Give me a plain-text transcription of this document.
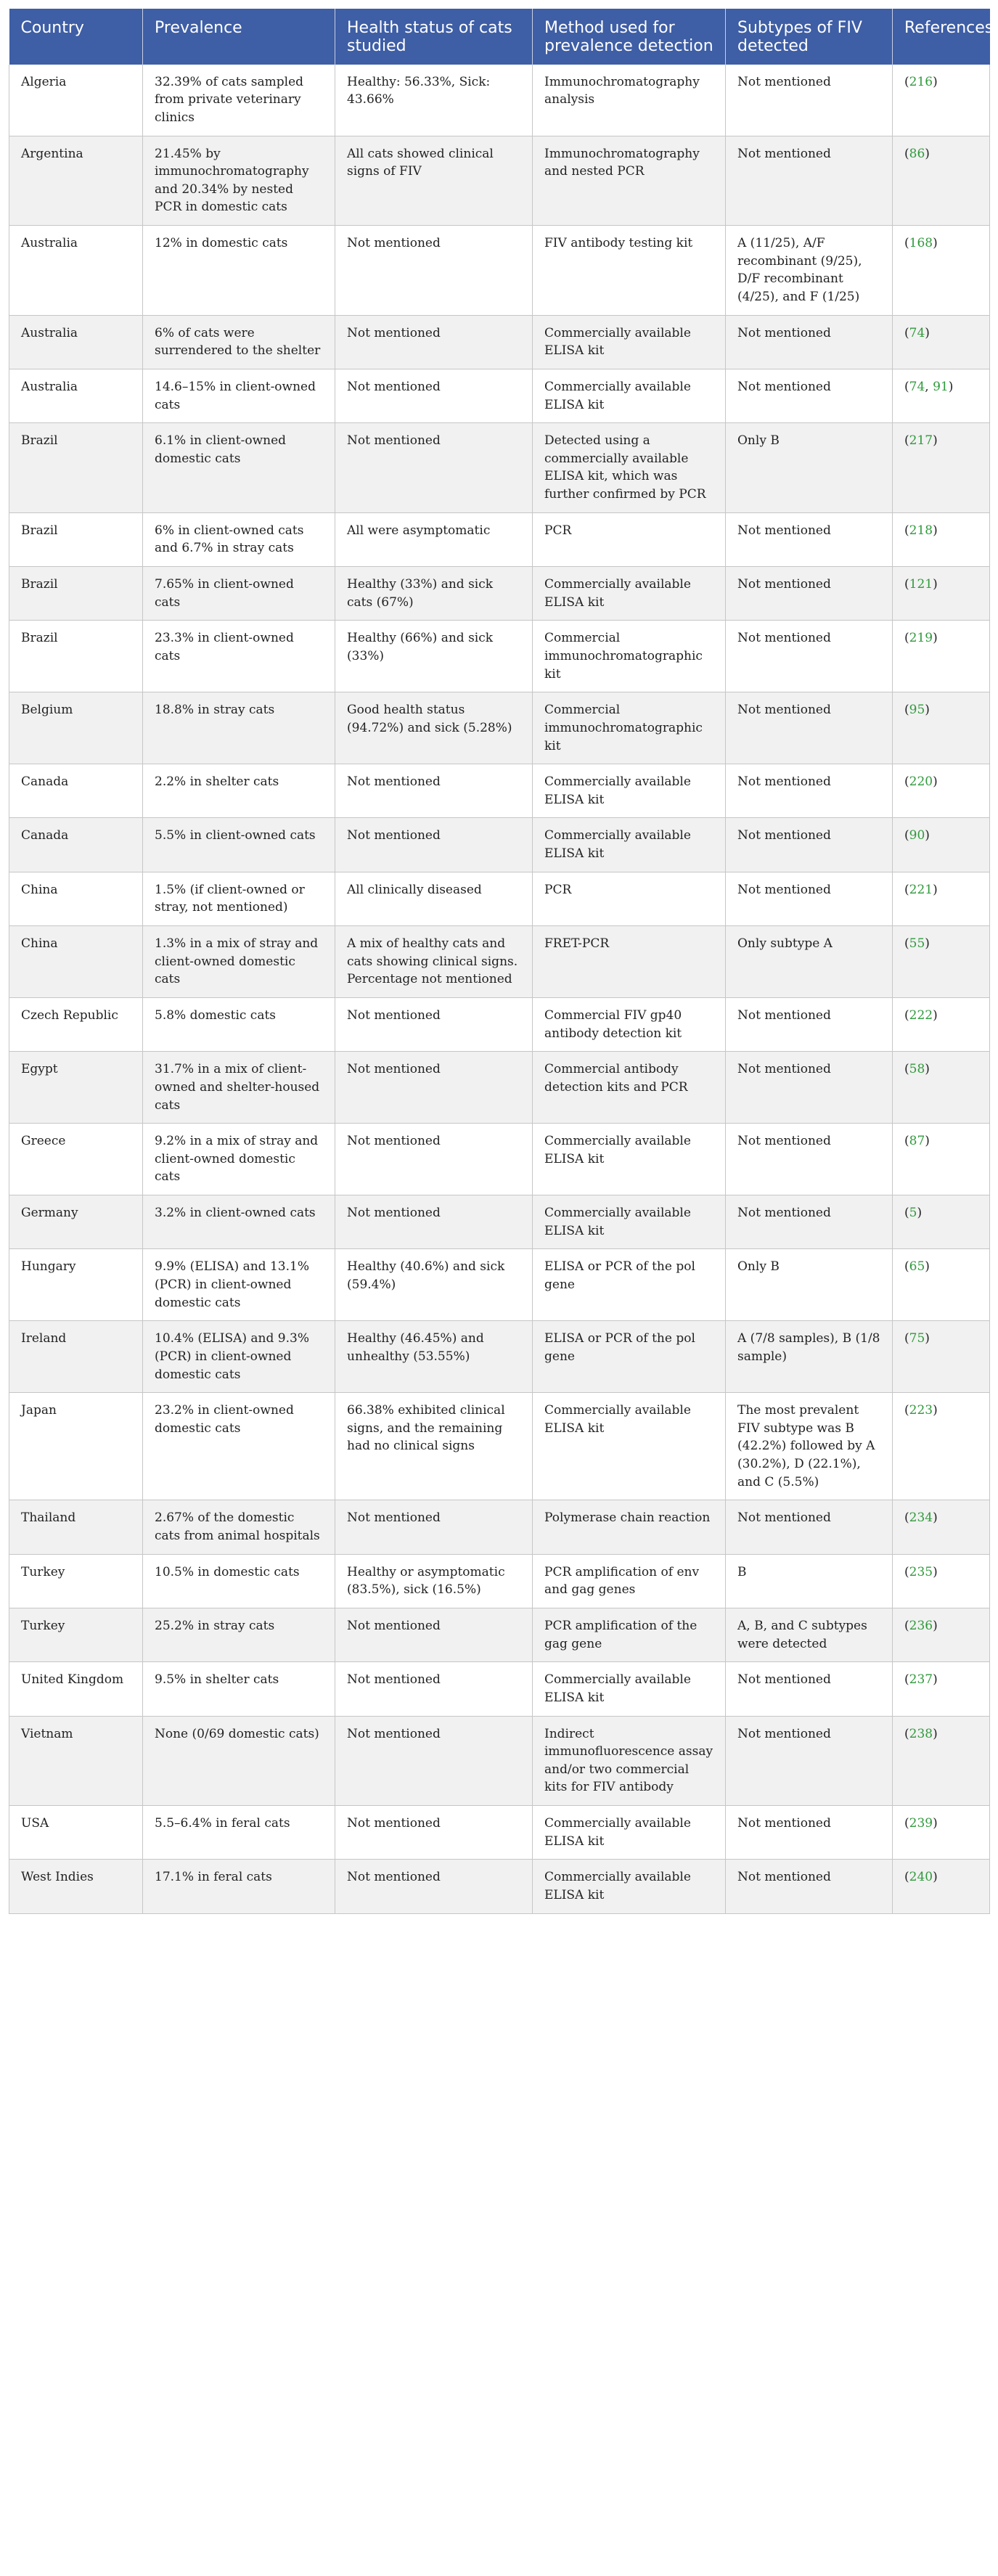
Country	Prevalence	Health status of cats studied	Method used for prevalence detection	Subtypes of FIV detected	References
Algeria	32.39% of cats sampled from private veterinary clinics	Healthy: 56.33%, Sick: 43.66%	Immunochromatography analysis	Not mentioned	(216)
Argentina	21.45% by immunochromatography and 20.34% by nested PCR in domestic cats	All cats showed clinical signs of FIV	Immunochromatography and nested PCR	Not mentioned	(86)
Australia	12% in domestic cats	Not mentioned	FIV antibody testing kit	A (11/25), A/F recombinant (9/25), D/F recombinant (4/25), and F (1/25)	(168)
Australia	6% of cats were surrendered to the shelter	Not mentioned	Commercially available ELISA kit	Not mentioned	(74)
Australia	14.6–15% in client-owned cats	Not mentioned	Commercially available ELISA kit	Not mentioned	(74, 91)
Brazil	6.1% in client-owned domestic cats	Not mentioned	Detected using a commercially available ELISA kit, which was further confirmed by PCR	Only B	(217)
Brazil	6% in client-owned cats and 6.7% in stray cats	All were asymptomatic	PCR	Not mentioned	(218)
Brazil	7.65% in client-owned cats	Healthy (33%) and sick cats (67%)	Commercially available ELISA kit	Not mentioned	(121)
Brazil	23.3% in client-owned cats	Healthy (66%) and sick (33%)	Commercial immunochromatographic kit	Not mentioned	(219)
Belgium	18.8% in stray cats	Good health status (94.72%) and sick (5.28%)	Commercial immunochromatographic kit	Not mentioned	(95)
Canada	2.2% in shelter cats	Not mentioned	Commercially available ELISA kit	Not mentioned	(220)
Canada	5.5% in client-owned cats	Not mentioned	Commercially available ELISA kit	Not mentioned	(90)
China	1.5% (if client-owned or stray, not mentioned)	All clinically diseased	PCR	Not mentioned	(221)
China	1.3% in a mix of stray and client-owned domestic cats	A mix of healthy cats and cats showing clinical signs. Percentage not mentioned	FRET-PCR	Only subtype A	(55)
Czech Republic	5.8% domestic cats	Not mentioned	Commercial FIV gp40 antibody detection kit	Not mentioned	(222)
Egypt	31.7% in a mix of client-owned and shelter-housed cats	Not mentioned	Commercial antibody detection kits and PCR	Not mentioned	(58)
Greece	9.2% in a mix of stray and client-owned domestic cats	Not mentioned	Commercially available ELISA kit	Not mentioned	(87)
Germany	3.2% in client-owned cats	Not mentioned	Commercially available ELISA kit	Not mentioned	(5)
Hungary	9.9% (ELISA) and 13.1% (PCR) in client-owned domestic cats	Healthy (40.6%) and sick (59.4%)	ELISA or PCR of the pol gene	Only B	(65)
Ireland	10.4% (ELISA) and 9.3% (PCR) in client-owned domestic cats	Healthy (46.45%) and unhealthy (53.55%)	ELISA or PCR of the pol gene	A (7/8 samples), B (1/8 sample)	(75)
Japan	23.2% in client-owned domestic cats	66.38% exhibited clinical signs, and the remaining had no clinical signs	Commercially available ELISA kit	The most prevalent FIV subtype was B (42.2%) followed by A (30.2%), D (22.1%), and C (5.5%)	(223)
Thailand	2.67% of the domestic cats from animal hospitals	Not mentioned	Polymerase chain reaction	Not mentioned	(234)
Turkey	10.5% in domestic cats	Healthy or asymptomatic (83.5%), sick (16.5%)	PCR amplification of env and gag genes	B	(235)
Turkey	25.2% in stray cats	Not mentioned	PCR amplification of the gag gene	A, B, and C subtypes were detected	(236)
United Kingdom	9.5% in shelter cats	Not mentioned	Commercially available ELISA kit	Not mentioned	(237)
Vietnam	None (0/69 domestic cats)	Not mentioned	Indirect immunofluorescence assay and/or two commercial kits for FIV antibody	Not mentioned	(238)
USA	5.5–6.4% in feral cats	Not mentioned	Commercially available ELISA kit	Not mentioned	(239)
West Indies	17.1% in feral cats	Not mentioned	Commercially available ELISA kit	Not mentioned	(240)
